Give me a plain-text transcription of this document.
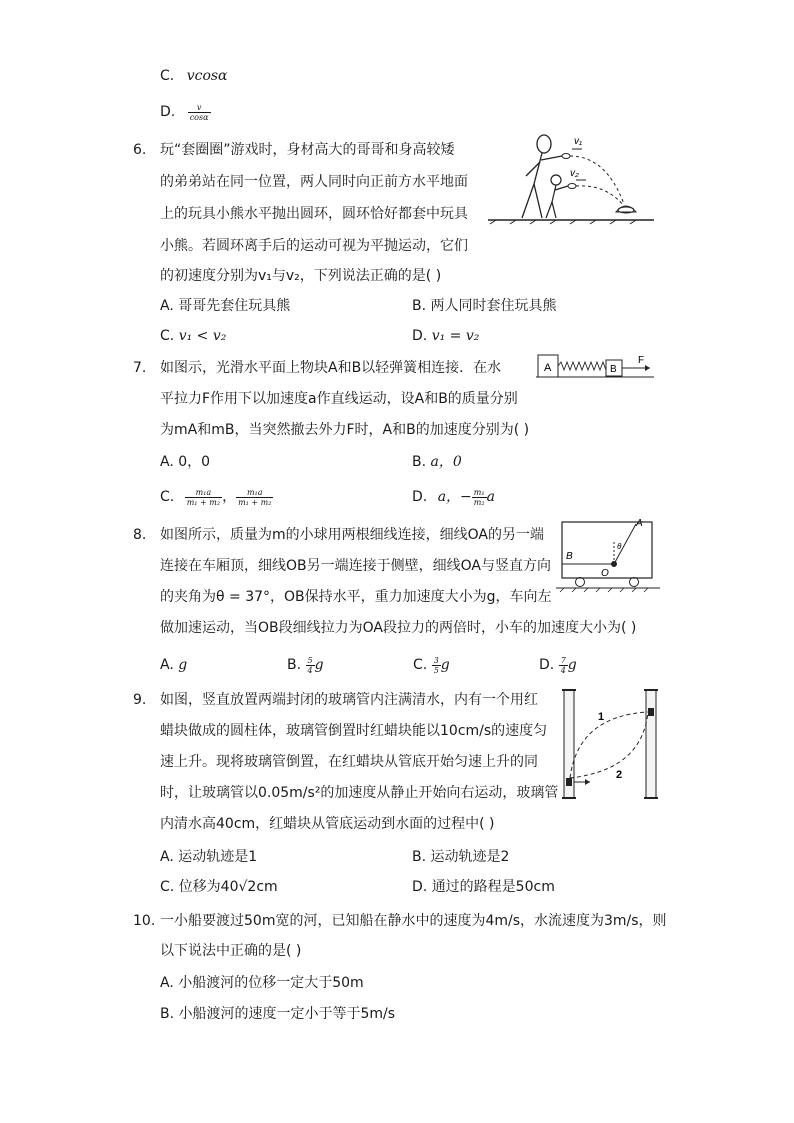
C. vcosα
D. $\frac{v}{\cos\alpha}$
6. 玩“套圈圈”游戏时，身材高大的哥哥和身高较矮
的弟弟站在同一位置，两人同时向正前方水平地面
上的玩具小熊水平抛出圆环，圆环恰好都套中玩具
小熊。若圆环离手后的运动可视为平抛运动，它们
的初速度分别为v₁与v₂，下列说法正确的是( )
A. 哥哥先套住玩具熊	B. 两人同时套住玩具熊
C. v₁ < v₂	D. v₁ = v₂
v₁
v₂
7. 如图示，光滑水平面上物块A和B以轻弹簧相连接．在水
平拉力F作用下以加速度a作直线运动，设A和B的质量分别
为mA和mB，当突然撤去外力F时，A和B的加速度分别为( )
A. 0，0	B. a，0
C. $\frac{\text{m₁a}}{\text{m₁ + m₂}}$ ， $\frac{\text{m₁a}}{\text{m₁ + m₂}}$	D. a，− $\frac{\text{m₁}}{\text{m₂}}$ a
A	B
F
8. 如图所示，质量为m的小球用两根细线连接，细线OA的另一端
连接在车厢顶，细线OB另一端连接于侧壁，细线OA与竖直方向
的夹角为θ = 37°，OB保持水平，重力加速度大小为g，车向左
做加速运动，当OB段细线拉力为OA段拉力的两倍时，小车的加速度大小为( )
A. g	B. $\frac{5}{4}$ g	C. $\frac{3}{5}$ g	D. $\frac{7}{4}$ g
A
B
O
θ
9. 如图，竖直放置两端封闭的玻璃管内注满清水，内有一个用红
蜡块做成的圆柱体，玻璃管倒置时红蜡块能以10cm/s的速度匀
速上升。现将玻璃管倒置，在红蜡块从管底开始匀速上升的同
时，让玻璃管以0.05m/s²的加速度从静止开始向右运动，玻璃管
内清水高40cm，红蜡块从管底运动到水面的过程中( )
A. 运动轨迹是1	B. 运动轨迹是2
C. 位移为40√2cm	D. 通过的路程是50cm
1
2
10. 一小船要渡过50m宽的河，已知船在静水中的速度为4m/s，水流速度为3m/s，则
以下说法中正确的是( )
A. 小船渡河的位移一定大于50m
B. 小船渡河的速度一定小于等于5m/s
